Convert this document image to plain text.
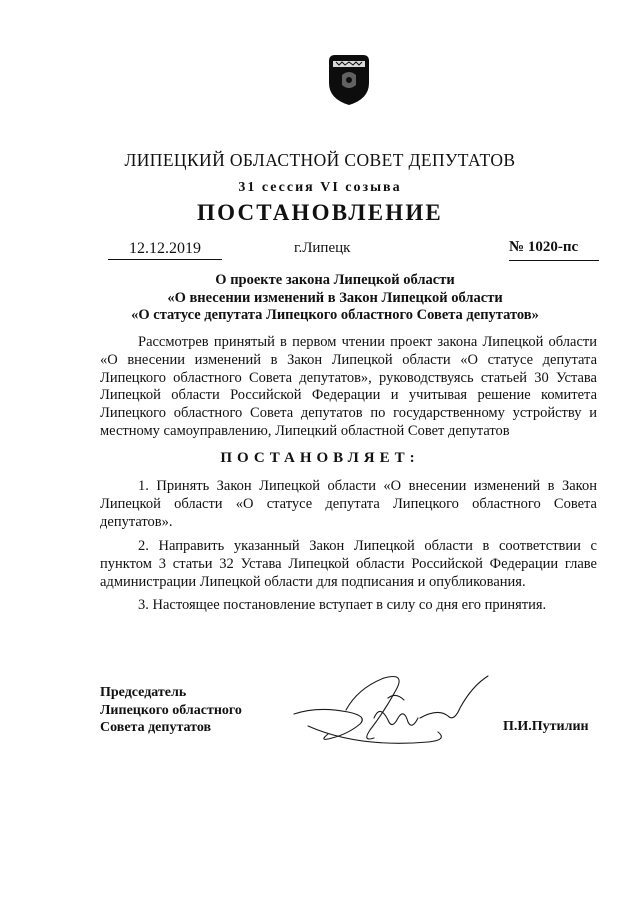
ЛИПЕЦКИЙ ОБЛАСТНОЙ СОВЕТ ДЕПУТАТОВ
31 сессия VI созыва
ПОСТАНОВЛЕНИЕ
12.12.2019	г.Липецк	№ 1020-пс
О проекте закона Липецкой области
«О внесении изменений в Закон Липецкой области
«О статусе депутата Липецкого областного Совета депутатов»

Рассмотрев принятый в первом чтении проект закона Липецкой области «О внесении изменений в Закон Липецкой области «О статусе депутата Липецкого областного Совета депутатов», руководствуясь статьей 30 Устава Липецкой области Российской Федерации и учитывая решение комитета Липецкого областного Совета депутатов по государственному устройству и местному самоуправлению, Липецкий областной Совет депутатов

ПОСТАНОВЛЯЕТ:

1. Принять Закон Липецкой области «О внесении изменений в Закон Липецкой области «О статусе депутата Липецкого областного Совета депутатов».

2. Направить указанный Закон Липецкой области в соответствии с пунктом 3 статьи 32 Устава Липецкой области Российской Федерации главе администрации Липецкой области для подписания и опубликования.

3. Настоящее постановление вступает в силу со дня его принятия.

Председатель
Липецкого областного
Совета депутатов	П.И.Путилин
